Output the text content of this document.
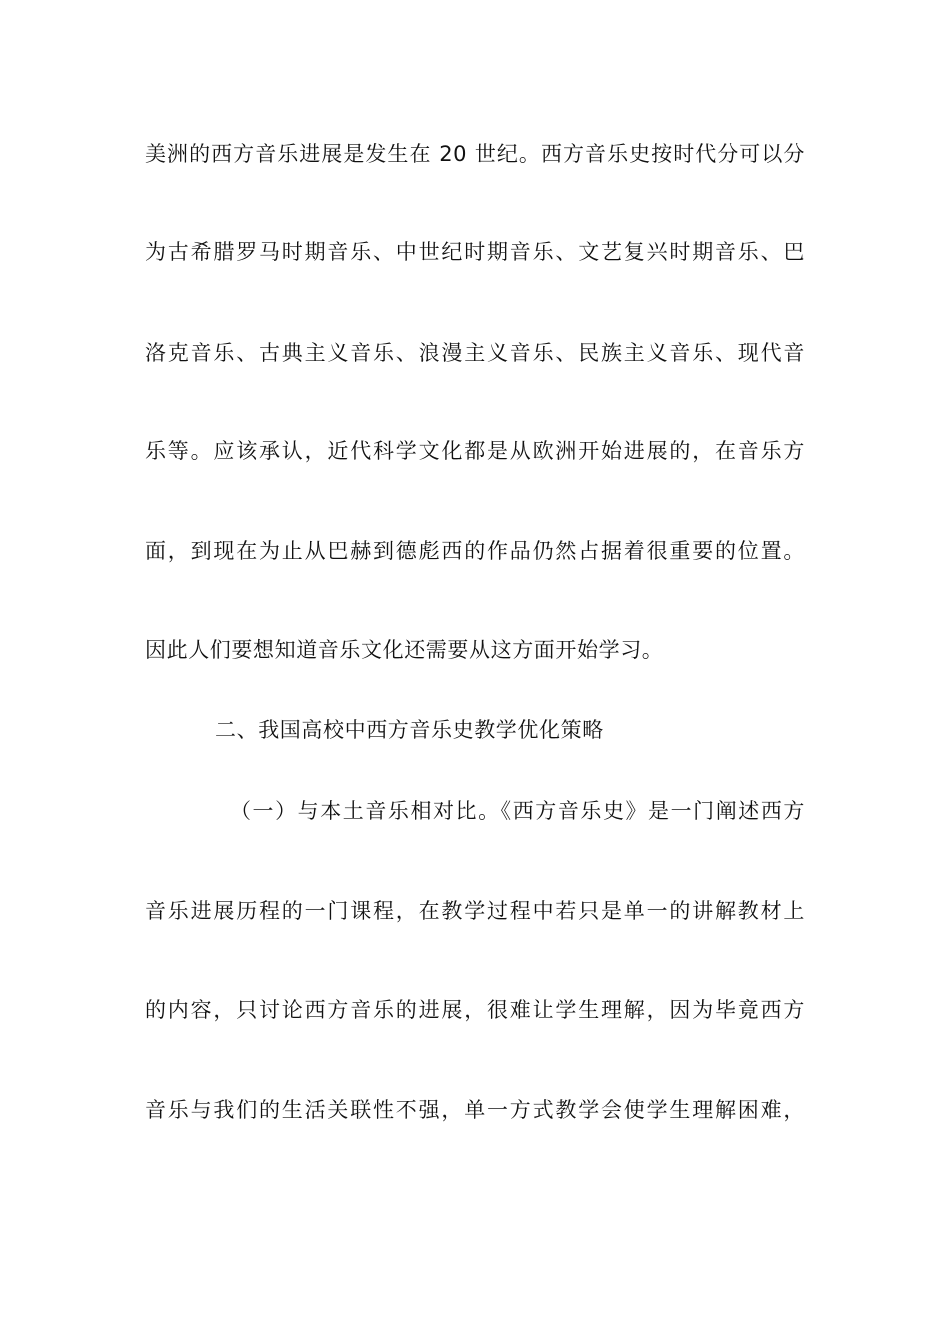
美洲的西方音乐进展是发生在 20 世纪。西方音乐史按时代分可以分
为古希腊罗马时期音乐、中世纪时期音乐、文艺复兴时期音乐、巴
洛克音乐、古典主义音乐、浪漫主义音乐、民族主义音乐、现代音
乐等。应该承认，近代科学文化都是从欧洲开始进展的，在音乐方
面，到现在为止从巴赫到德彪西的作品仍然占据着很重要的位置。
因此人们要想知道音乐文化还需要从这方面开始学习。
二、我国高校中西方音乐史教学优化策略
（一）与本土音乐相对比。《西方音乐史》是一门阐述西方
音乐进展历程的一门课程，在教学过程中若只是单一的讲解教材上
的内容，只讨论西方音乐的进展，很难让学生理解，因为毕竟西方
音乐与我们的生活关联性不强，单一方式教学会使学生理解困难，
